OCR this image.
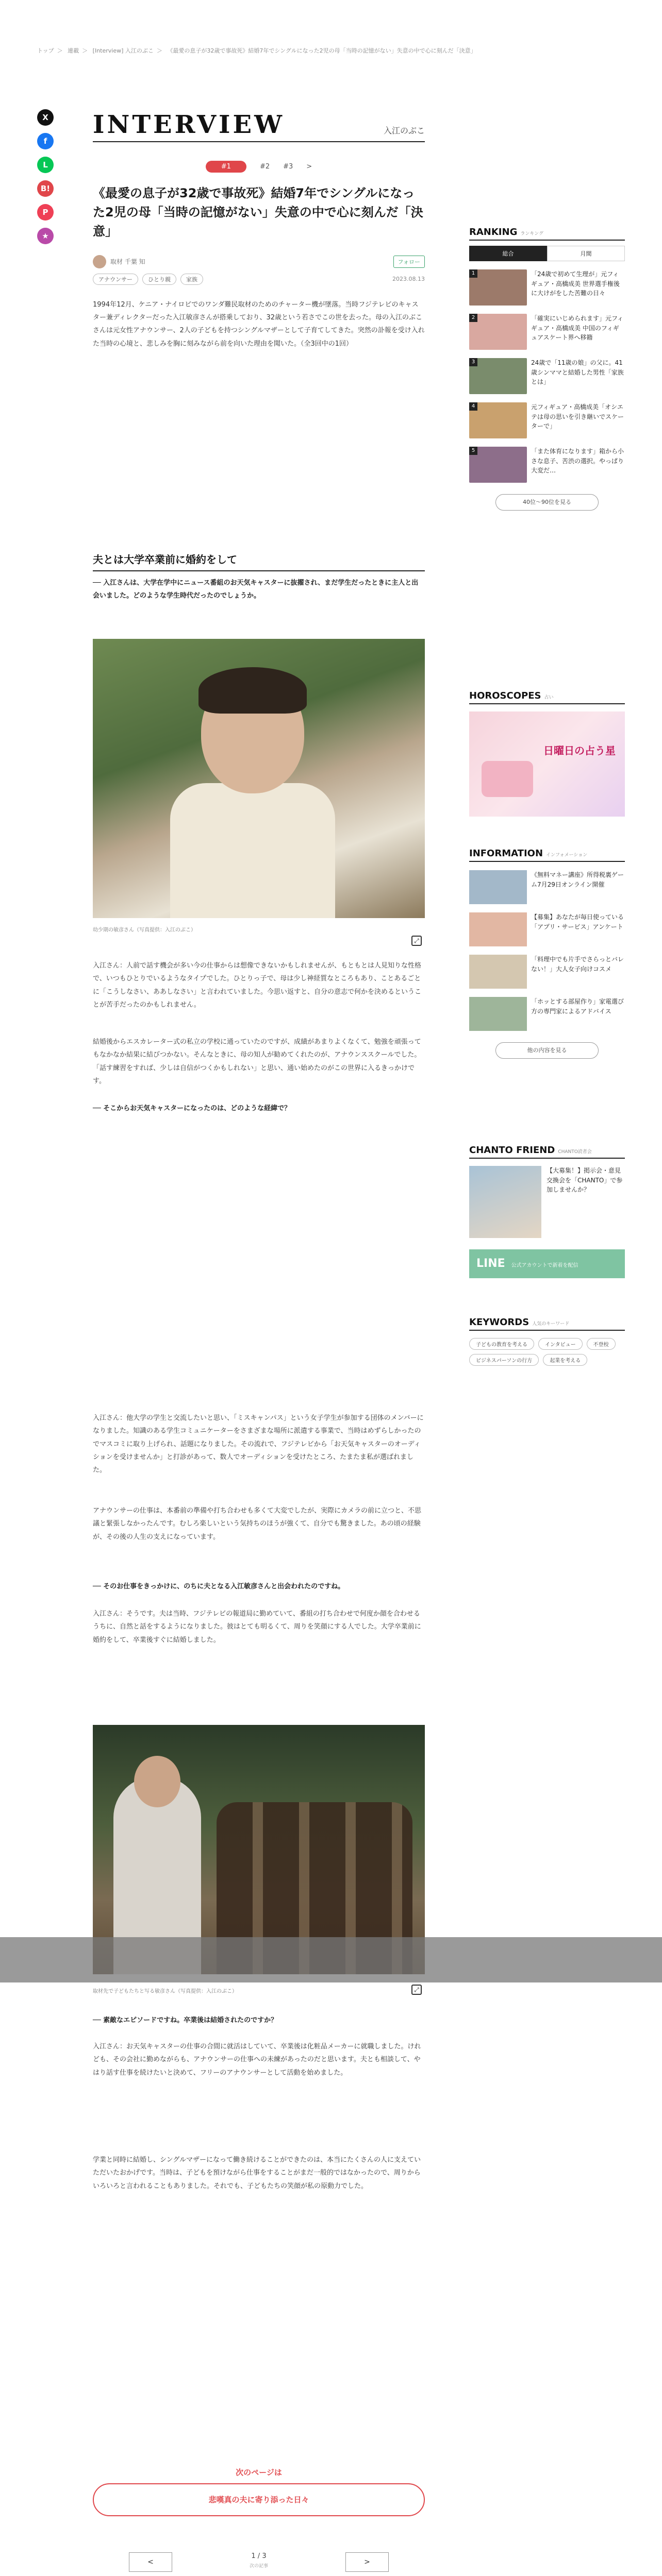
トップ ＞ 連載 ＞ [Interview] 入江のぶこ ＞ 《最愛の息子が32歳で事故死》結婚7年でシングルになった2児の母「当時の記憶がない」失意の中で心に刻んだ「決意」
X
f
L
B!
P
★
INTERVIEW	入江のぶこ
#1	#2 #3 >
《最愛の息子が32歳で事故死》結婚7年でシングルになった2児の母「当時の記憶がない」失意の中で心に刻んだ「決意」
取材 千葉 知	フォロー
アナウンサー	ひとり親	家族	2023.08.13

1994年12月、ケニア・ナイロビでのワンダ難民取材のためのチャーター機が墜落。当時フジテレビのキャスター兼ディレクターだった入江敏彦さんが搭乗しており、32歳という若さでこの世を去った。母の入江のぶこさんは元女性アナウンサー、2人の子どもを持つシングルマザーとして子育てしてきた。突然の訃報を受け入れた当時の心境と、悲しみを胸に刻みながら前を向いた理由を聞いた。（全3回中の1回）

夫とは大学卒業前に婚約をして
── 入江さんは、大学在学中にニュース番組のお天気キャスターに抜擢され、まだ学生だったときに主人と出会いました。どのような学生時代だったのでしょうか。
幼少期の敏彦さん（写真提供：入江のぶこ）
⤢
入江さん：人前で話す機会が多い今の仕事からは想像できないかもしれませんが、もともとは人見知りな性格で、いつもひとりでいるようなタイプでした。ひとりっ子で、母は少し神経質なところもあり、ことあるごとに「こうしなさい、ああしなさい」と言われていました。今思い返すと、自分の意志で何かを決めるということが苦手だったのかもしれません。
結婚後からエスカレーター式の私立の学校に通っていたのですが、成績があまりよくなくて、勉強を頑張ってもなかなか結果に結びつかない。そんなときに、母の知人が勧めてくれたのが、アナウンススクールでした。「話す練習をすれば、少しは自信がつくかもしれない」と思い、通い始めたのがこの世界に入るきっかけです。
── そこからお天気キャスターになったのは、どのような経緯で？
入江さん：他大学の学生と交流したいと思い、「ミスキャンパス」という女子学生が参加する団体のメンバーになりました。知識のある学生コミュニケーターをさまざまな場所に派遣する事業で、当時はめずらしかったのでマスコミに取り上げられ、話題になりました。その流れで、フジテレビから「お天気キャスターのオーディションを受けませんか」と打診があって、数人でオーディションを受けたところ、たまたま私が選ばれました。
アナウンサーの仕事は、本番前の準備や打ち合わせも多くて大変でしたが、実際にカメラの前に立つと、不思議と緊張しなかったんです。むしろ楽しいという気持ちのほうが強くて、自分でも驚きました。あの頃の経験が、その後の人生の支えになっています。
── そのお仕事をきっかけに、のちに夫となる入江敏彦さんと出会われたのですね。
入江さん：そうです。夫は当時、フジテレビの報道局に勤めていて、番組の打ち合わせで何度か顔を合わせるうちに、自然と話をするようになりました。彼はとても明るくて、周りを笑顔にする人でした。大学卒業前に婚約をして、卒業後すぐに結婚しました。
取材先で子どもたちと写る敏彦さん（写真提供：入江のぶこ）	⤢
── 素敵なエピソードですね。卒業後は結婚されたのですか？
入江さん：お天気キャスターの仕事の合間に就活はしていて、卒業後は化粧品メーカーに就職しました。けれども、その会社に勤めながらも、アナウンサーの仕事への未練があったのだと思います。夫とも相談して、やはり話す仕事を続けたいと決めて、フリーのアナウンサーとして活動を始めました。
学業と同時に結婚し、シングルマザーになって働き続けることができたのは、本当にたくさんの人に支えていただいたおかげです。当時は、子どもを預けながら仕事をすることがまだ一般的ではなかったので、周りからいろいろと言われることもありました。それでも、子どもたちの笑顔が私の原動力でした。
次のページは
悲嘆真の夫に寄り添った日々
<
1 / 3
次の記事	>
RANKING ランキング
総合	月間
1	「24歳で初めて生理が」元フィギュア・高橋成美 世界選手権後に大けがをした苦難の日々
2	「確実にいじめられます」元フィギュア・高橋成美 中国のフィギュアスケート界へ移籍
3	24歳で「11歳の娘」の父に。41歳シンママと結婚した男性「家族とは」
4	元フィギュア・高橋成美「オシエテは母の思いを引き継いでスケーターで」
5	「また体育になります」箱から小さな息子、苦渋の選択。やっぱり大変だ…
40位〜90位を見る
HOROSCOPES 占い
日曜日の占う星
INFORMATION インフォメーション
《無料マネー講座》所得税裏ゲーム7月29日オンライン開催
【募集】あなたが毎日使っている「アプリ・サービス」アンケート
「料理中でも片手でさらっとバレない！」大人女子向けコスメ
「ホッとする部屋作り」家電選び方の専門家によるアドバイス
他の内容を見る
CHANTO FRIEND CHANTO読者会
【大募集！】掲示会・意見交換会を「CHANTO」で参加しませんか？
LINE 公式アカウントで新着を配信
KEYWORDS 人気のキーワード
子どもの教育を考える	インタビュー	不登校
ビジネスパーソンの行方	起業を考える
